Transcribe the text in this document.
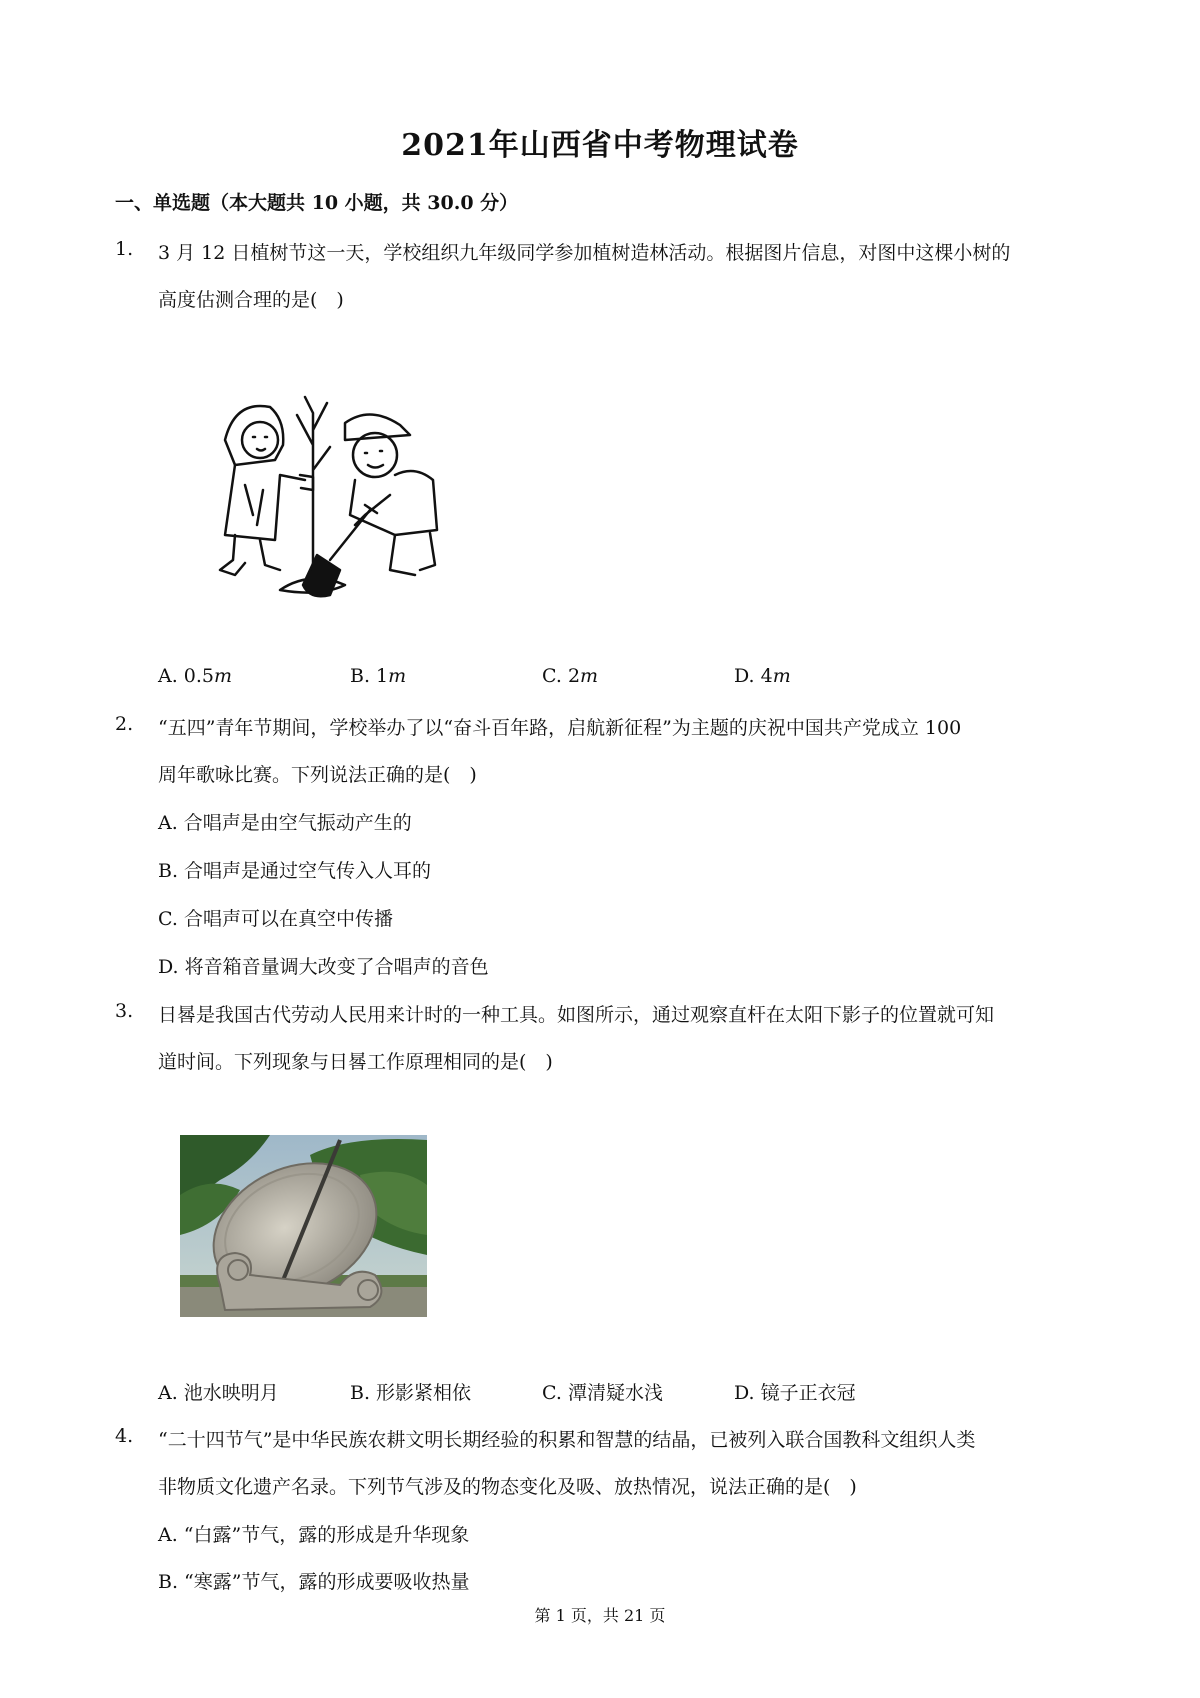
2021年山西省中考物理试卷
一、单选题（本大题共 10 小题，共 30.0 分）
1. 3 月 12 日植树节这一天，学校组织九年级同学参加植树造林活动。根据图片信息，对图中这棵小树的
高度估测合理的是(　)
A. 0.5m	B. 1m	C. 2m	D. 4m
2. “五四”青年节期间，学校举办了以“奋斗百年路，启航新征程”为主题的庆祝中国共产党成立 100
周年歌咏比赛。下列说法正确的是(　)
A. 合唱声是由空气振动产生的
B. 合唱声是通过空气传入人耳的
C. 合唱声可以在真空中传播
D. 将音箱音量调大改变了合唱声的音色
3. 日晷是我国古代劳动人民用来计时的一种工具。如图所示，通过观察直杆在太阳下影子的位置就可知
道时间。下列现象与日晷工作原理相同的是(　)
A. 池水映明月	B. 形影紧相依	C. 潭清疑水浅	D. 镜子正衣冠
4. “二十四节气”是中华民族农耕文明长期经验的积累和智慧的结晶，已被列入联合国教科文组织人类
非物质文化遗产名录。下列节气涉及的物态变化及吸、放热情况，说法正确的是(　)
A. “白露”节气，露的形成是升华现象
B. “寒露”节气，露的形成要吸收热量
第 1 页，共 21 页
